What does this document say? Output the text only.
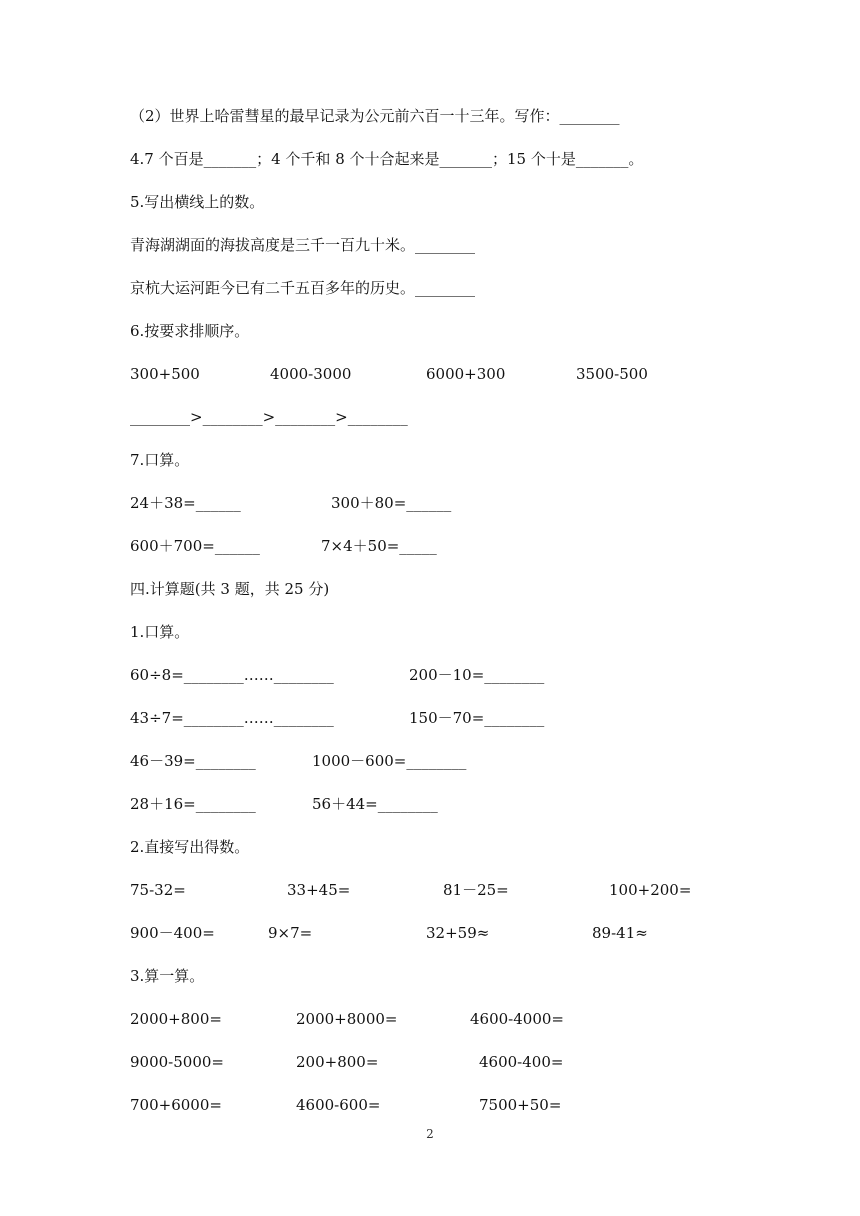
（2）世界上哈雷彗星的最早记录为公元前六百一十三年。写作：________
4.7 个百是_______；4 个千和 8 个十合起来是_______；15 个十是_______。
5.写出横线上的数。
青海湖湖面的海拔高度是三千一百九十米。________
京杭大运河距今已有二千五百多年的历史。________
6.按要求排顺序。
300+500	4000-3000	6000+300	3500-500
________>________>________>________
7.口算。
24＋38=______	300＋80=______
600＋700=______	7×4＋50=_____
四.计算题(共 3 题，共 25 分)
1.口算。
60÷8=________……________	200－10=________
43÷7=________……________	150－70=________
46－39=________	1000－600=________
28＋16=________	56＋44=________
2.直接写出得数。
75-32=	33+45=	81－25=	100+200=
900－400=	9×7=	32+59≈	89-41≈
3.算一算。
2000+800=	2000+8000=	4600-4000=
9000-5000=	200+800=	4600-400=
700+6000=	4600-600=	7500+50=
2
